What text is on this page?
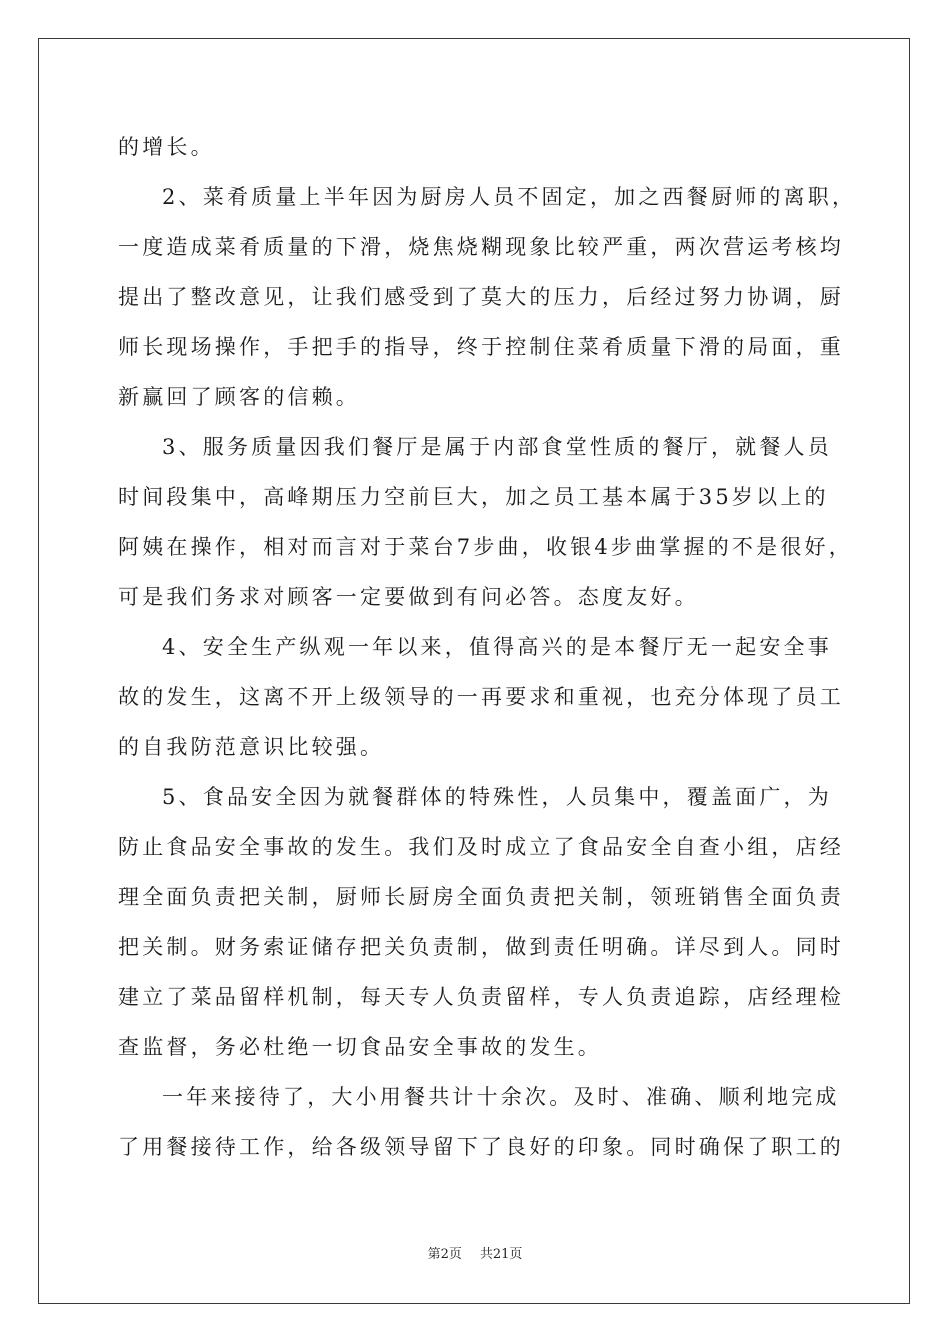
的增长。
2、菜肴质量上半年因为厨房人员不固定，加之西餐厨师的离职，
一度造成菜肴质量的下滑，烧焦烧糊现象比较严重，两次营运考核均
提出了整改意见，让我们感受到了莫大的压力，后经过努力协调，厨
师长现场操作，手把手的指导，终于控制住菜肴质量下滑的局面，重
新赢回了顾客的信赖。
3、服务质量因我们餐厅是属于内部食堂性质的餐厅，就餐人员
时间段集中，高峰期压力空前巨大，加之员工基本属于35岁以上的
阿姨在操作，相对而言对于菜台7步曲，收银4步曲掌握的不是很好，
可是我们务求对顾客一定要做到有问必答。态度友好。
4、安全生产纵观一年以来，值得高兴的是本餐厅无一起安全事
故的发生，这离不开上级领导的一再要求和重视，也充分体现了员工
的自我防范意识比较强。
5、食品安全因为就餐群体的特殊性，人员集中，覆盖面广，为
防止食品安全事故的发生。我们及时成立了食品安全自查小组，店经
理全面负责把关制，厨师长厨房全面负责把关制，领班销售全面负责
把关制。财务索证储存把关负责制，做到责任明确。详尽到人。同时
建立了菜品留样机制，每天专人负责留样，专人负责追踪，店经理检
查监督，务必杜绝一切食品安全事故的发生。
一年来接待了，大小用餐共计十余次。及时、准确、顺利地完成
了用餐接待工作，给各级领导留下了良好的印象。同时确保了职工的
第2页 共21页
